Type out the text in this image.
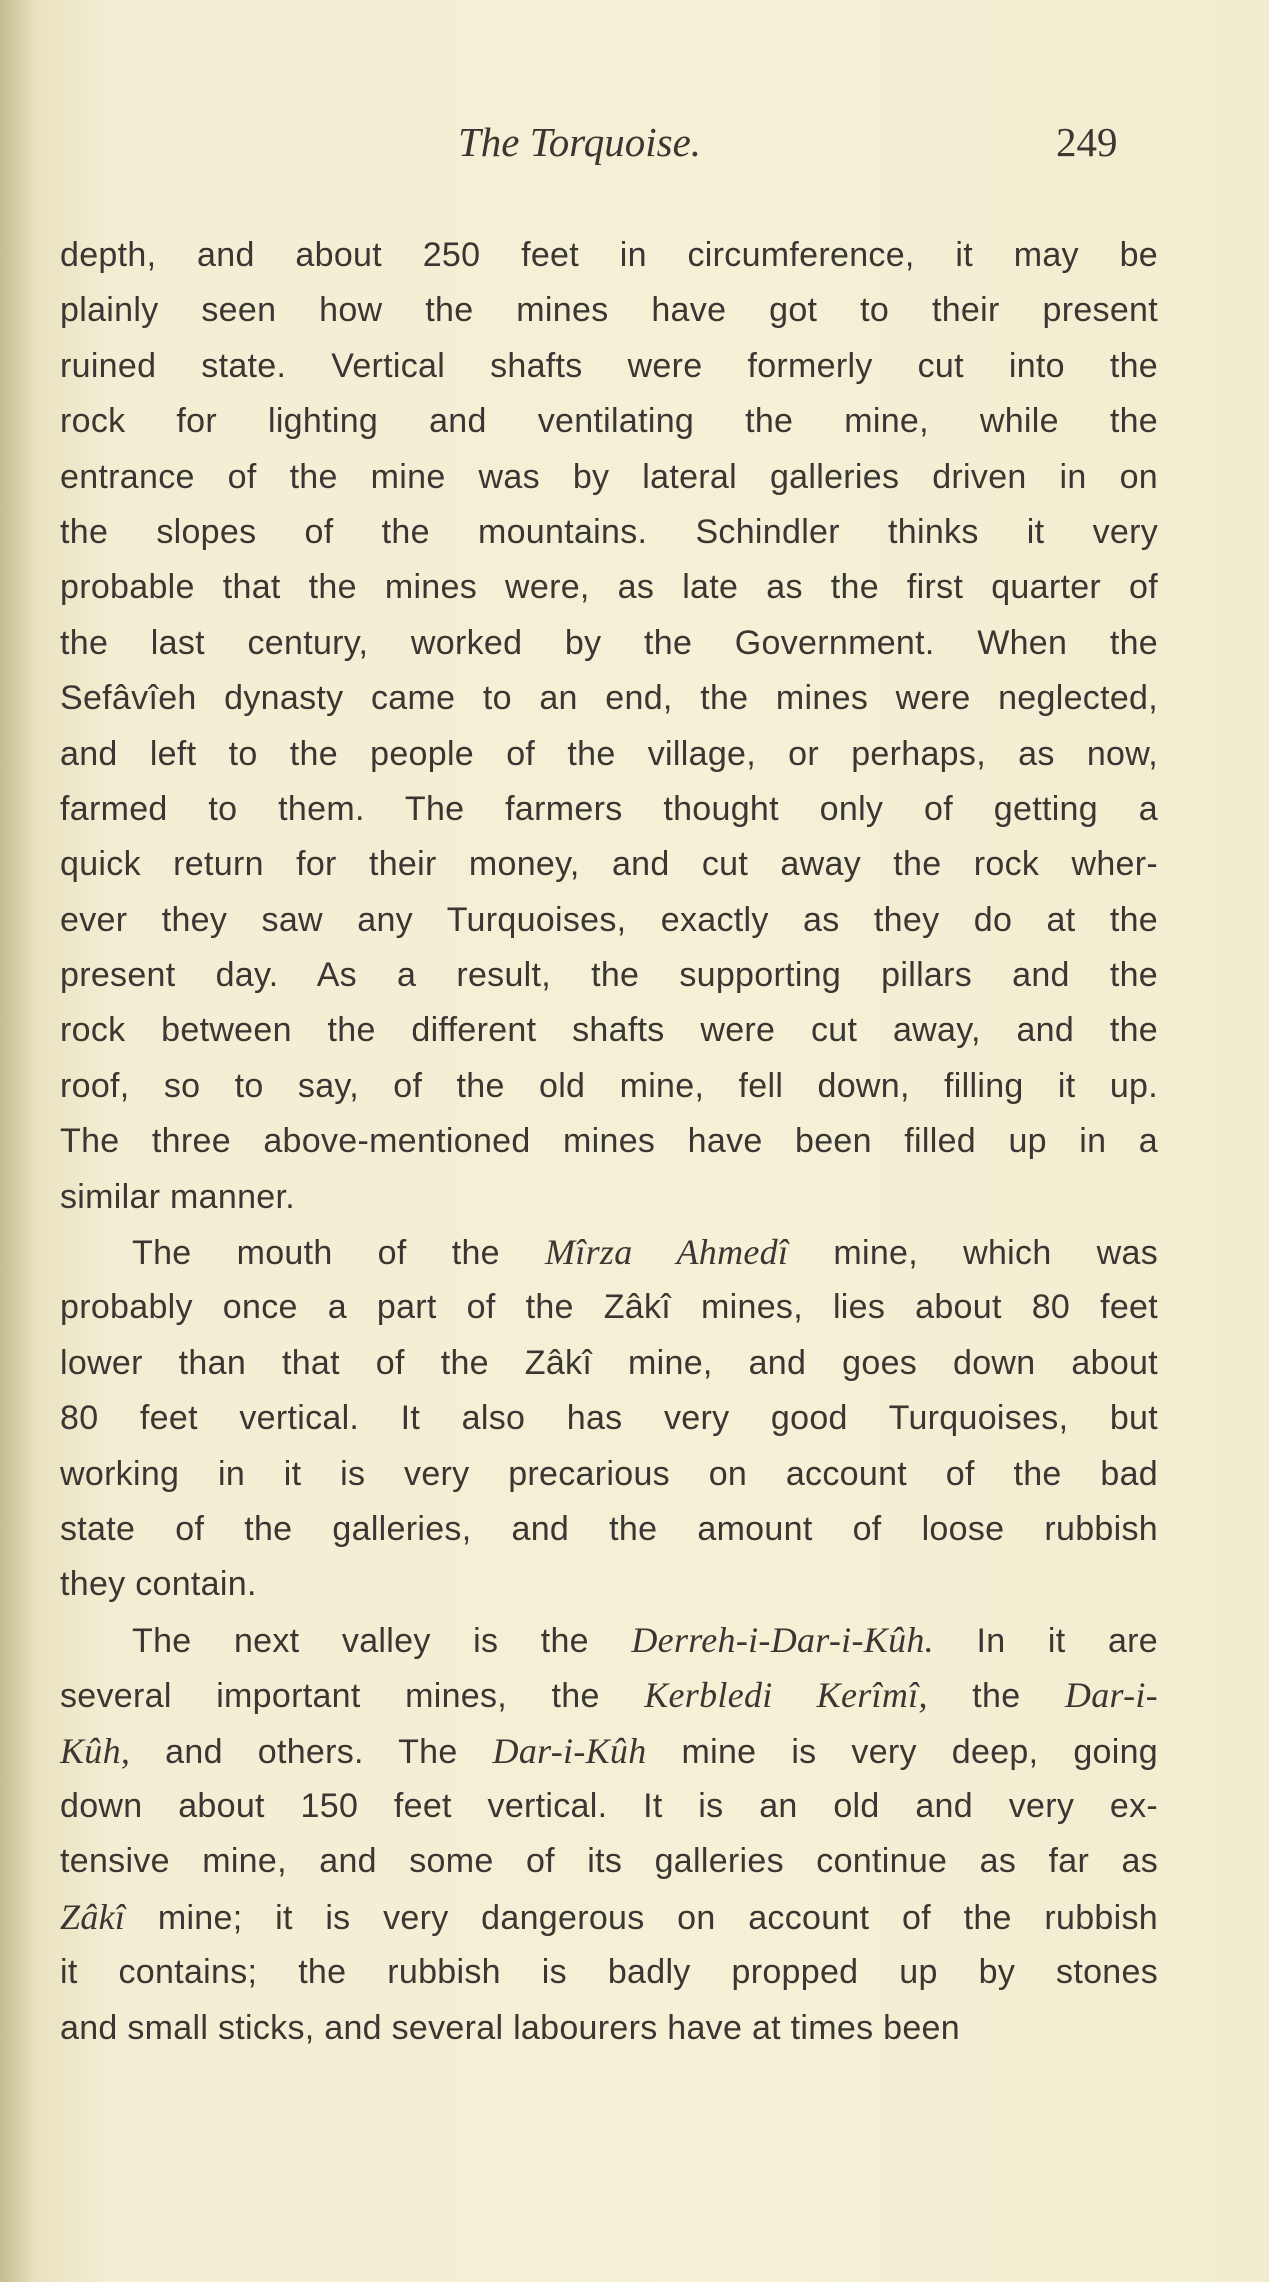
The Torquoise.	249
depth, and about 250 feet in circumference, it may be
plainly seen how the mines have got to their present
ruined state. Vertical shafts were formerly cut into the
rock for lighting and ventilating the mine, while the
entrance of the mine was by lateral galleries driven in on
the slopes of the mountains. Schindler thinks it very
probable that the mines were, as late as the first quarter of
the last century, worked by the Government. When the
Sefâvîeh dynasty came to an end, the mines were neglected,
and left to the people of the village, or perhaps, as now,
farmed to them. The farmers thought only of getting a
quick return for their money, and cut away the rock wher-
ever they saw any Turquoises, exactly as they do at the
present day. As a result, the supporting pillars and the
rock between the different shafts were cut away, and the
roof, so to say, of the old mine, fell down, filling it up.
The three above-mentioned mines have been filled up in a
similar manner.
The mouth of the Mîrza Ahmedî mine, which was
probably once a part of the Zâkî mines, lies about 80 feet
lower than that of the Zâkî mine, and goes down about
80 feet vertical. It also has very good Turquoises, but
working in it is very precarious on account of the bad
state of the galleries, and the amount of loose rubbish
they contain.
The next valley is the Derreh-i-Dar-i-Kûh. In it are
several important mines, the Kerbledi Kerîmî, the Dar-i-
Kûh, and others. The Dar-i-Kûh mine is very deep, going
down about 150 feet vertical. It is an old and very ex-
tensive mine, and some of its galleries continue as far as
Zâkî mine; it is very dangerous on account of the rubbish
it contains; the rubbish is badly propped up by stones
and small sticks, and several labourers have at times been
